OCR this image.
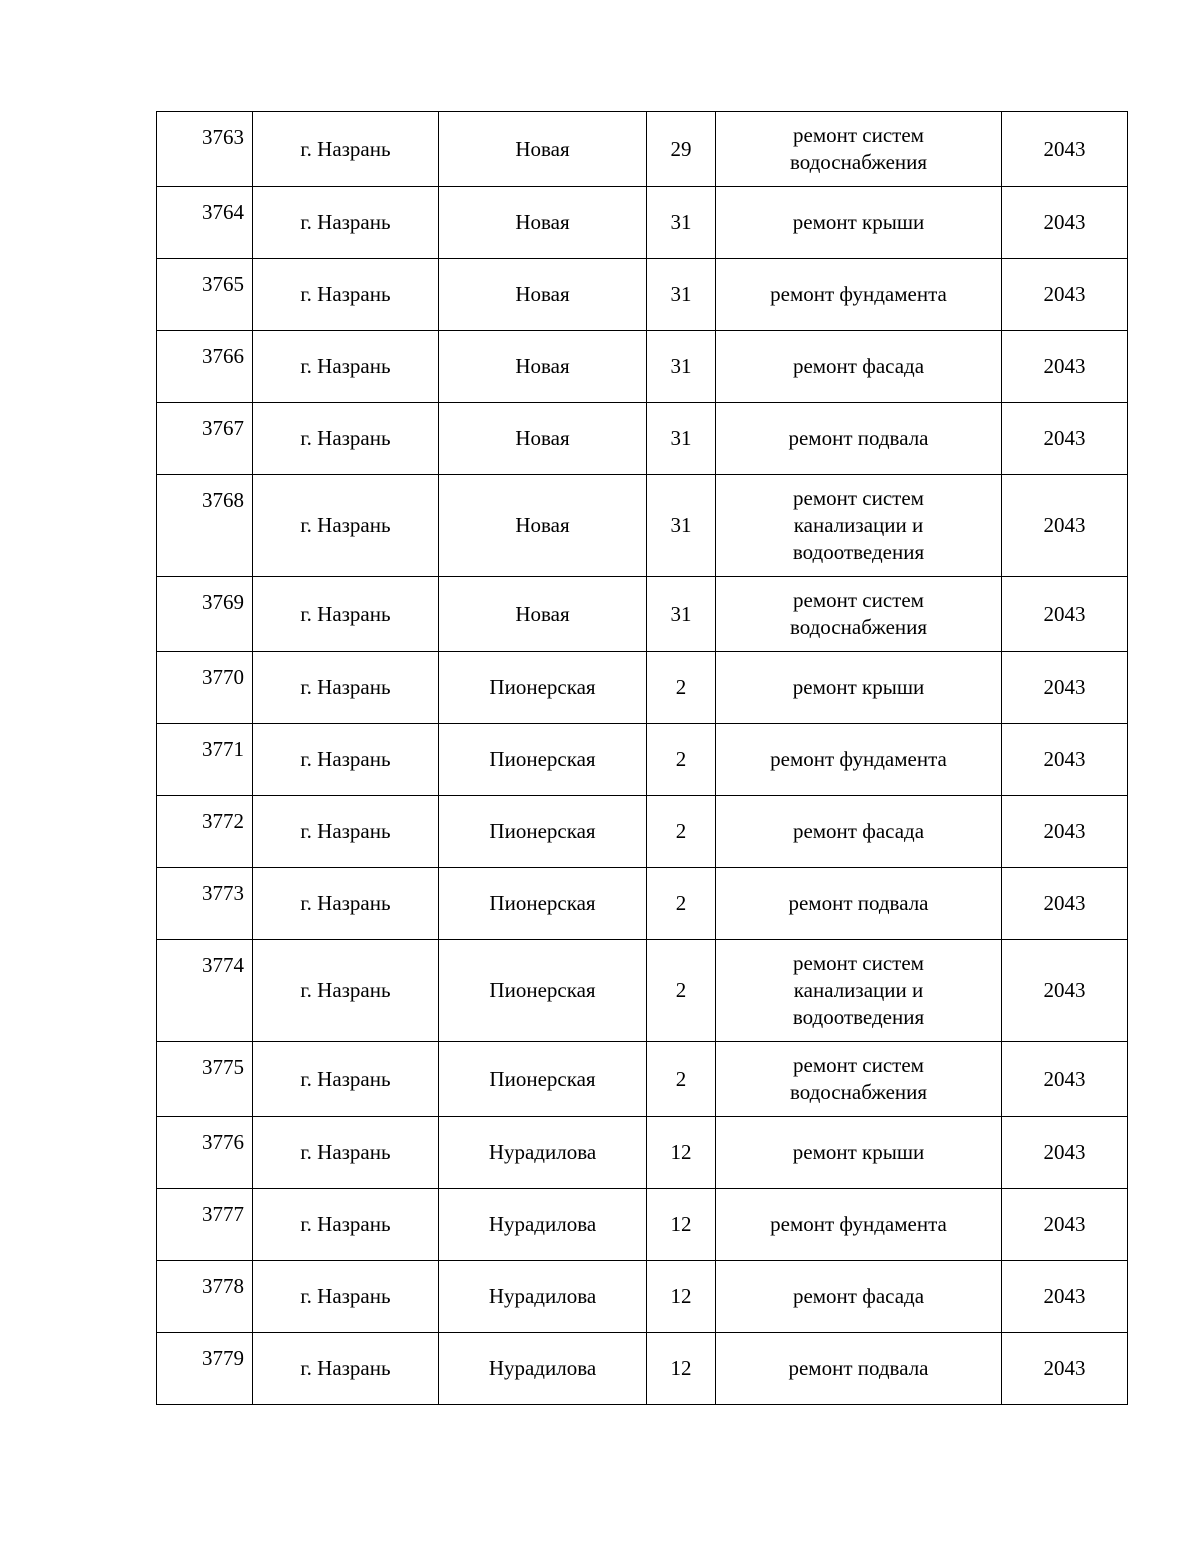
3763	г. Назрань	Новая	29	ремонт систем
водоснабжения	2043
3764	г. Назрань	Новая	31	ремонт крыши	2043
3765	г. Назрань	Новая	31	ремонт фундамента	2043
3766	г. Назрань	Новая	31	ремонт фасада	2043
3767	г. Назрань	Новая	31	ремонт подвала	2043
3768	г. Назрань	Новая	31	ремонт систем
канализации и
водоотведения	2043
3769	г. Назрань	Новая	31	ремонт систем
водоснабжения	2043
3770	г. Назрань	Пионерская	2	ремонт крыши	2043
3771	г. Назрань	Пионерская	2	ремонт фундамента	2043
3772	г. Назрань	Пионерская	2	ремонт фасада	2043
3773	г. Назрань	Пионерская	2	ремонт подвала	2043
3774	г. Назрань	Пионерская	2	ремонт систем
канализации и
водоотведения	2043
3775	г. Назрань	Пионерская	2	ремонт систем
водоснабжения	2043
3776	г. Назрань	Нурадилова	12	ремонт крыши	2043
3777	г. Назрань	Нурадилова	12	ремонт фундамента	2043
3778	г. Назрань	Нурадилова	12	ремонт фасада	2043
3779	г. Назрань	Нурадилова	12	ремонт подвала	2043
